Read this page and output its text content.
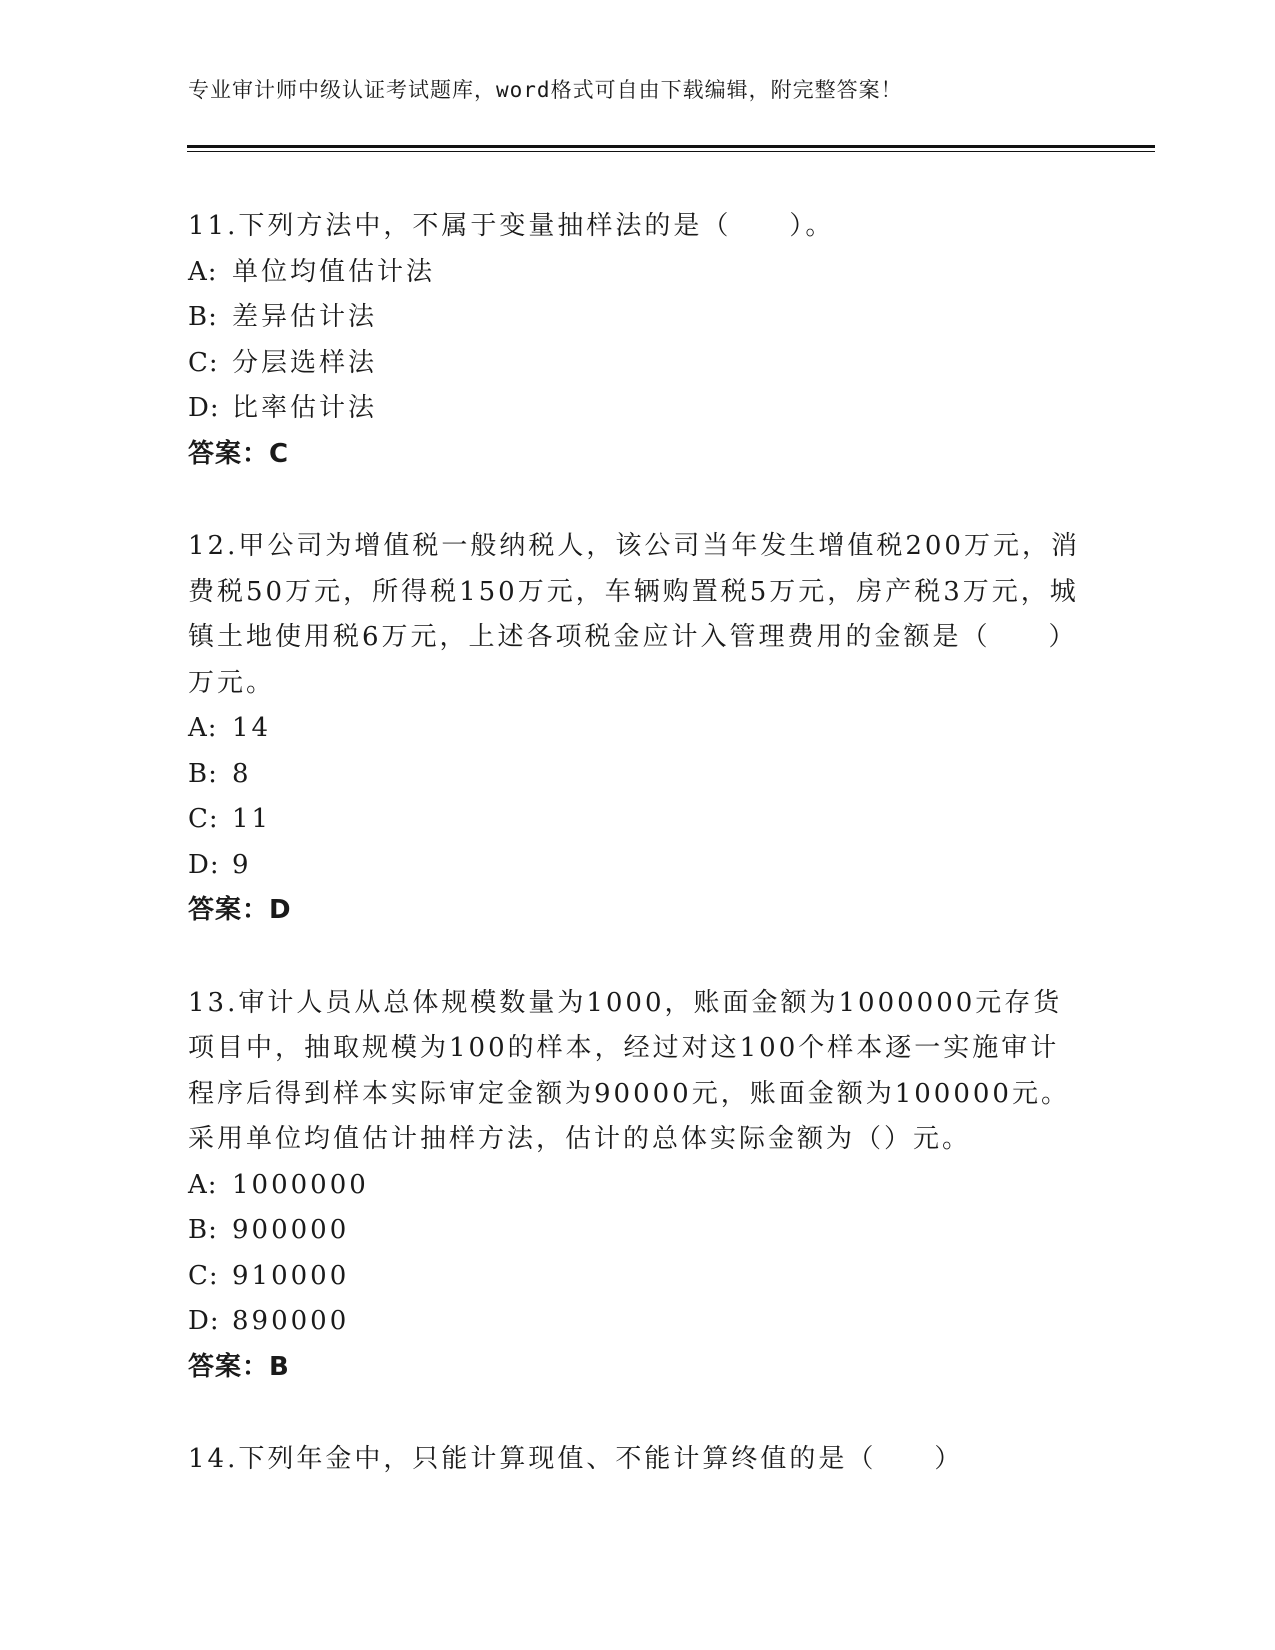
专业审计师中级认证考试题库，word格式可自由下载编辑，附完整答案！

11.下列方法中，不属于变量抽样法的是（　　）。

A: 单位均值估计法

B: 差异估计法

C: 分层选样法

D: 比率估计法

答案：C

12.甲公司为增值税一般纳税人，该公司当年发生增值税200万元，消费税50万元，所得税150万元，车辆购置税5万元，房产税3万元，城镇土地使用税6万元，上述各项税金应计入管理费用的金额是（　　）万元。

A: 14

B: 8

C: 11

D: 9

答案：D

13.审计人员从总体规模数量为1000，账面金额为1000000元存货项目中，抽取规模为100的样本，经过对这100个样本逐一实施审计程序后得到样本实际审定金额为90000元，账面金额为100000元。采用单位均值估计抽样方法，估计的总体实际金额为（）元。

A: 1000000

B: 900000

C: 910000

D: 890000

答案：B

14.下列年金中，只能计算现值、不能计算终值的是（　　）
